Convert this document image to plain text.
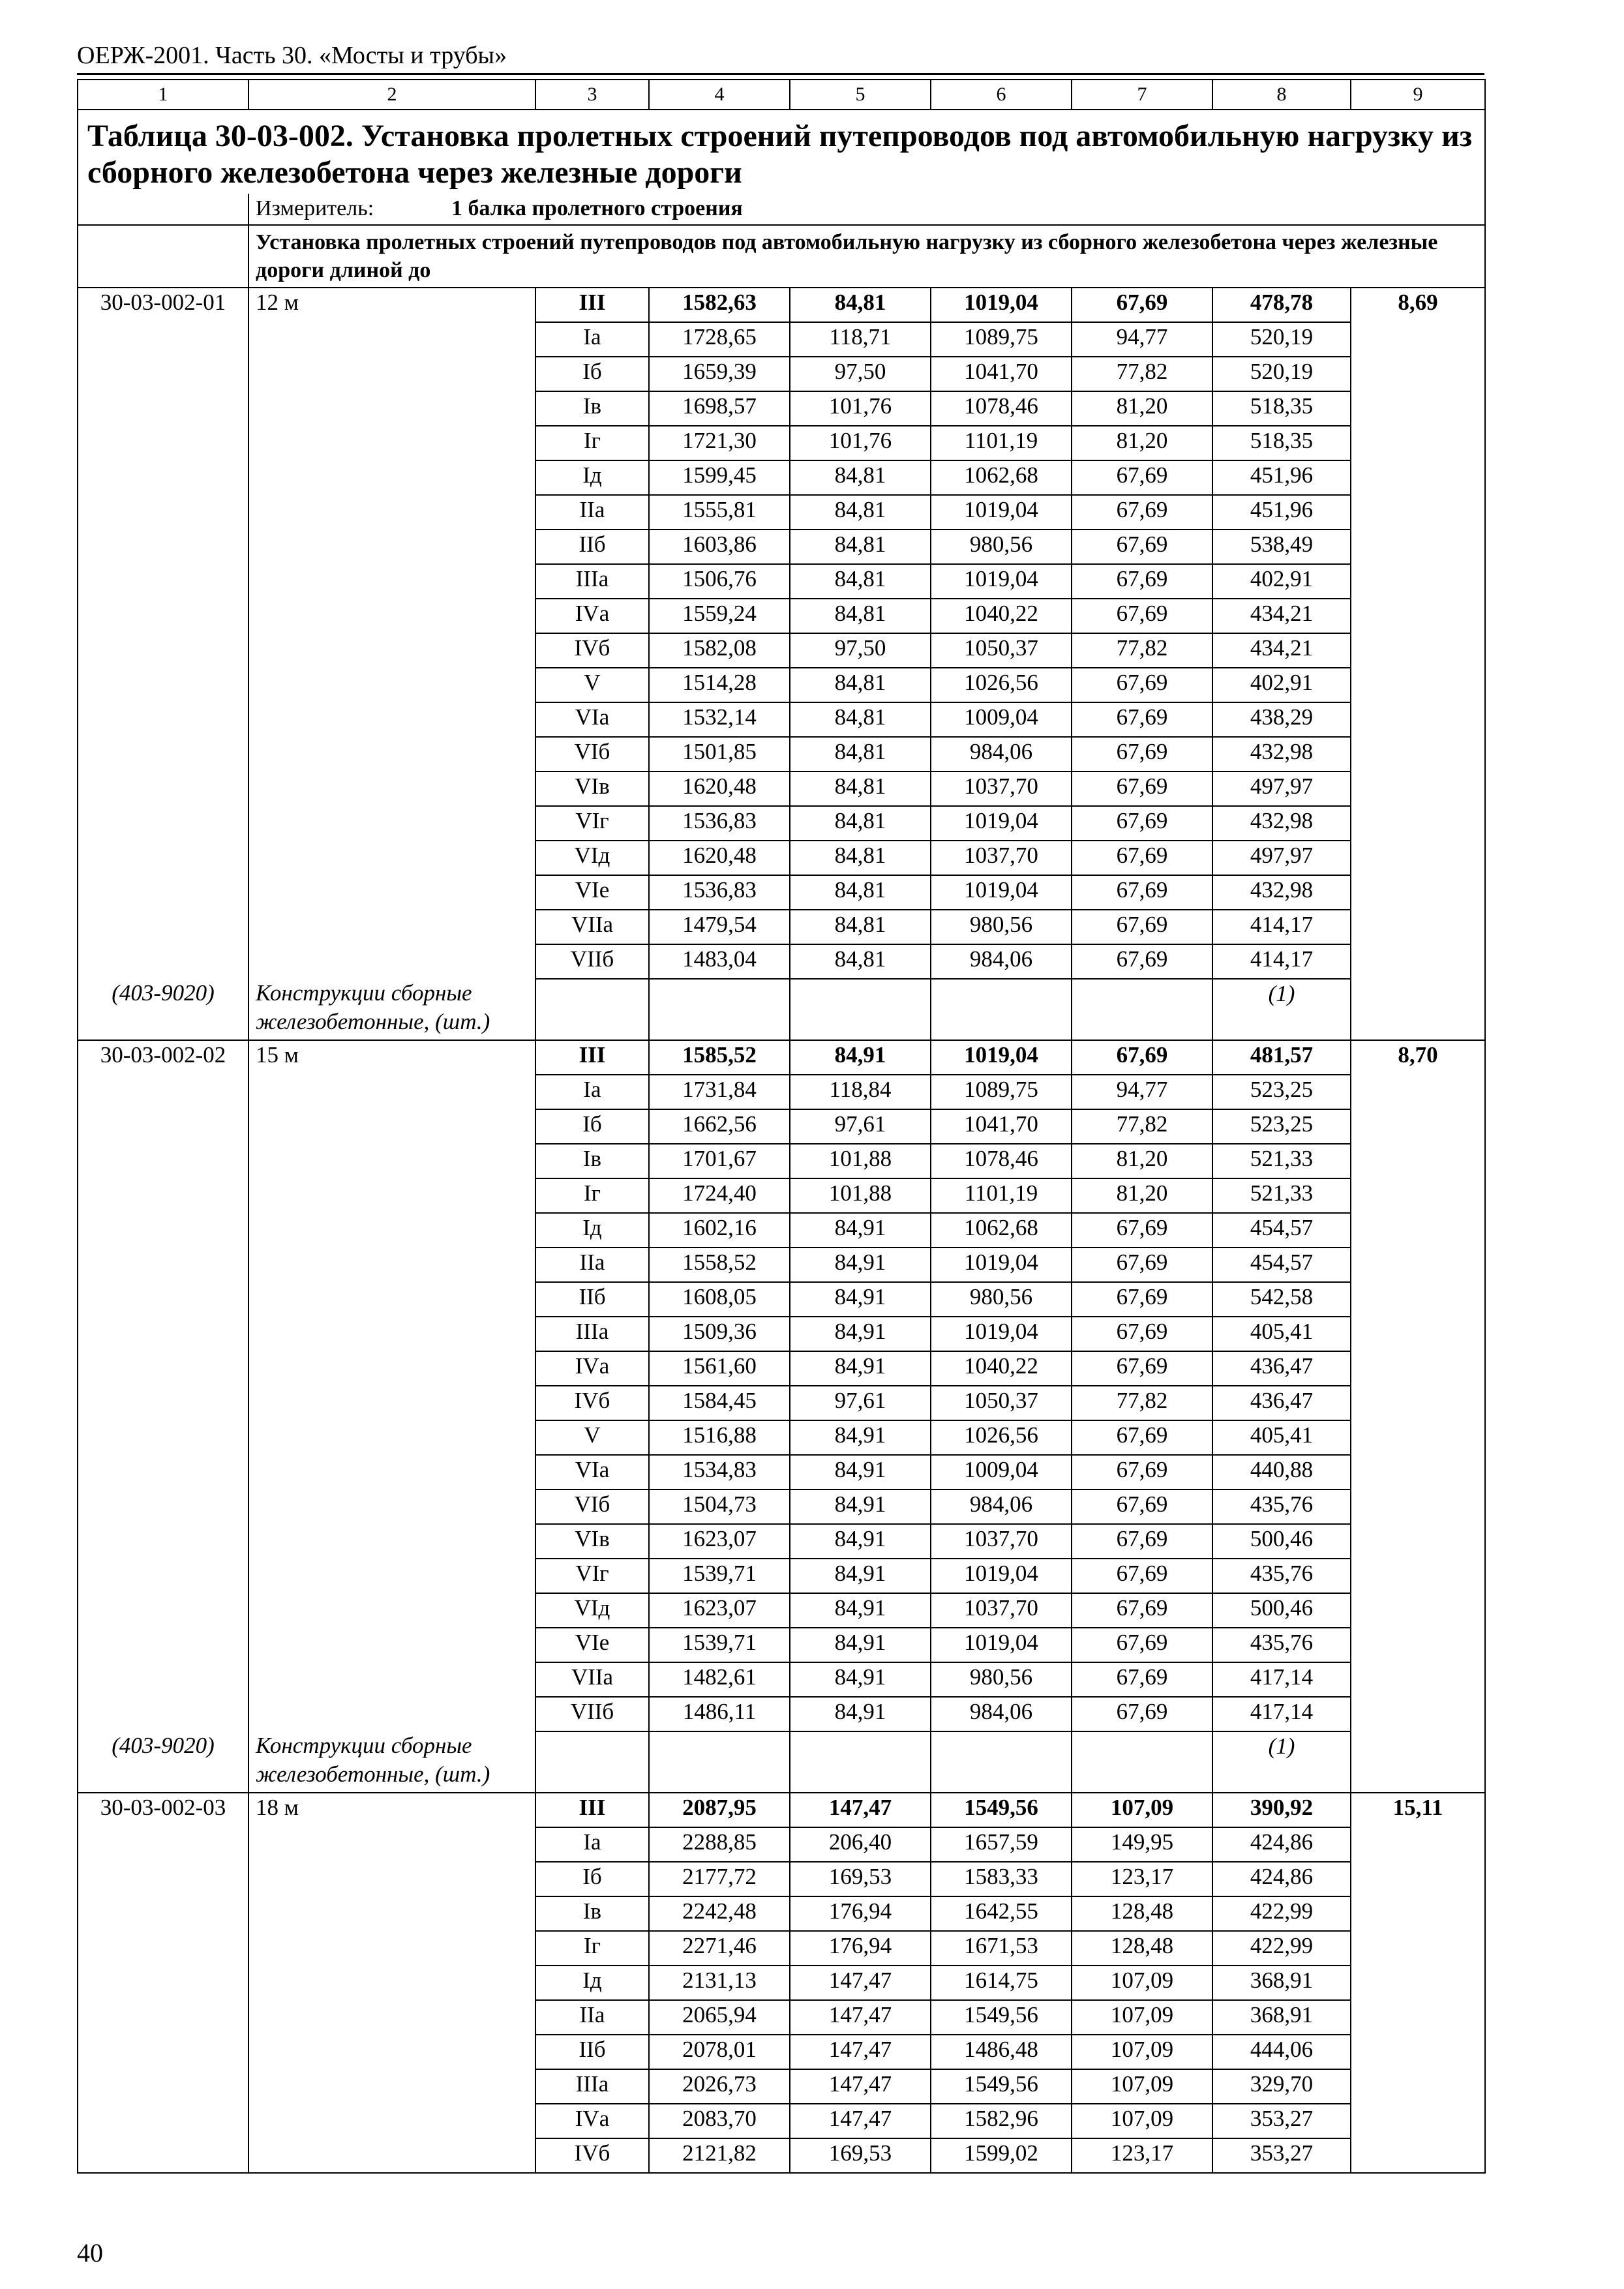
ОЕРЖ-2001. Часть 30. «Мосты и трубы»
1	2	3	4	5	6	7	8	9
Таблица 30-03-002. Установка пролетных строений путепроводов под автомобильную нагрузку из сборного железобетона через железные дороги								
	Измеритель: 1 балка пролетного строения							
	Установка пролетных строений путепроводов под автомобильную нагрузку из сборного железобетона через железные дороги длиной до							
30-03-002-01	12 м	III	1582,63	84,81	1019,04	67,69	478,78	8,69
		Iа	1728,65	118,71	1089,75	94,77	520,19	
		Iб	1659,39	97,50	1041,70	77,82	520,19	
		Iв	1698,57	101,76	1078,46	81,20	518,35	
		Iг	1721,30	101,76	1101,19	81,20	518,35	
		Iд	1599,45	84,81	1062,68	67,69	451,96	
		IIа	1555,81	84,81	1019,04	67,69	451,96	
		IIб	1603,86	84,81	980,56	67,69	538,49	
		IIIа	1506,76	84,81	1019,04	67,69	402,91	
		IVа	1559,24	84,81	1040,22	67,69	434,21	
		IVб	1582,08	97,50	1050,37	77,82	434,21	
		V	1514,28	84,81	1026,56	67,69	402,91	
		VIа	1532,14	84,81	1009,04	67,69	438,29	
		VIб	1501,85	84,81	984,06	67,69	432,98	
		VIв	1620,48	84,81	1037,70	67,69	497,97	
		VIг	1536,83	84,81	1019,04	67,69	432,98	
		VIд	1620,48	84,81	1037,70	67,69	497,97	
		VIе	1536,83	84,81	1019,04	67,69	432,98	
		VIIа	1479,54	84,81	980,56	67,69	414,17	
		VIIб	1483,04	84,81	984,06	67,69	414,17	
(403-9020)	Конструкции сборные железобетонные, (шт.)						(1)	
30-03-002-02	15 м	III	1585,52	84,91	1019,04	67,69	481,57	8,70
		Iа	1731,84	118,84	1089,75	94,77	523,25	
		Iб	1662,56	97,61	1041,70	77,82	523,25	
		Iв	1701,67	101,88	1078,46	81,20	521,33	
		Iг	1724,40	101,88	1101,19	81,20	521,33	
		Iд	1602,16	84,91	1062,68	67,69	454,57	
		IIа	1558,52	84,91	1019,04	67,69	454,57	
		IIб	1608,05	84,91	980,56	67,69	542,58	
		IIIа	1509,36	84,91	1019,04	67,69	405,41	
		IVа	1561,60	84,91	1040,22	67,69	436,47	
		IVб	1584,45	97,61	1050,37	77,82	436,47	
		V	1516,88	84,91	1026,56	67,69	405,41	
		VIа	1534,83	84,91	1009,04	67,69	440,88	
		VIб	1504,73	84,91	984,06	67,69	435,76	
		VIв	1623,07	84,91	1037,70	67,69	500,46	
		VIг	1539,71	84,91	1019,04	67,69	435,76	
		VIд	1623,07	84,91	1037,70	67,69	500,46	
		VIе	1539,71	84,91	1019,04	67,69	435,76	
		VIIа	1482,61	84,91	980,56	67,69	417,14	
		VIIб	1486,11	84,91	984,06	67,69	417,14	
(403-9020)	Конструкции сборные железобетонные, (шт.)						(1)	
30-03-002-03	18 м	III	2087,95	147,47	1549,56	107,09	390,92	15,11
		Iа	2288,85	206,40	1657,59	149,95	424,86	
		Iб	2177,72	169,53	1583,33	123,17	424,86	
		Iв	2242,48	176,94	1642,55	128,48	422,99	
		Iг	2271,46	176,94	1671,53	128,48	422,99	
		Iд	2131,13	147,47	1614,75	107,09	368,91	
		IIа	2065,94	147,47	1549,56	107,09	368,91	
		IIб	2078,01	147,47	1486,48	107,09	444,06	
		IIIа	2026,73	147,47	1549,56	107,09	329,70	
		IVа	2083,70	147,47	1582,96	107,09	353,27	
		IVб	2121,82	169,53	1599,02	123,17	353,27	
40
